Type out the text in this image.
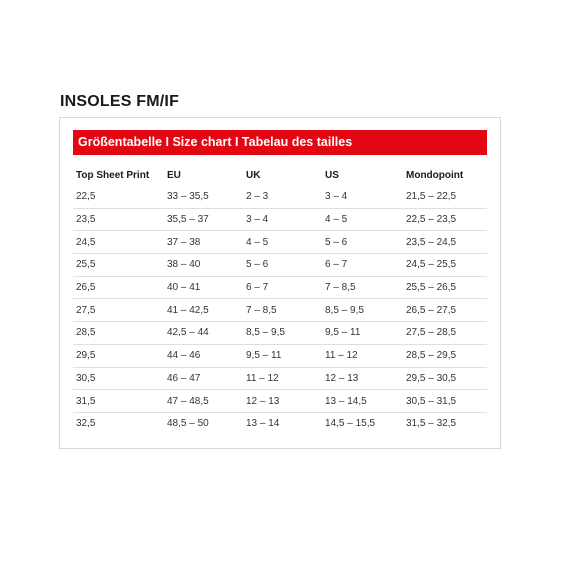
INSOLES FM/IF
Größentabelle I Size chart I Tabelau des tailles
Top Sheet Print	EU	UK	US	Mondopoint
22,5	33 – 35,5	2 – 3	3 – 4	21,5 – 22,5
23,5	35,5 – 37	3 – 4	4 – 5	22,5 – 23,5
24,5	37 – 38	4 – 5	5 – 6	23,5 – 24,5
25,5	38 – 40	5 – 6	6 – 7	24,5 – 25,5
26,5	40 – 41	6 – 7	7 – 8,5	25,5 – 26,5
27,5	41 – 42,5	7 – 8,5	8,5 – 9,5	26,5 – 27,5
28,5	42,5 – 44	8,5 – 9,5	9,5 – 11	27,5 – 28,5
29,5	44 – 46	9,5 – 11	11 – 12	28,5 – 29,5
30,5	46 – 47	11 – 12	12 – 13	29,5 – 30,5
31,5	47 – 48,5	12 – 13	13 – 14,5	30,5 – 31,5
32,5	48,5 – 50	13 – 14	14,5 – 15,5	31,5 – 32,5
